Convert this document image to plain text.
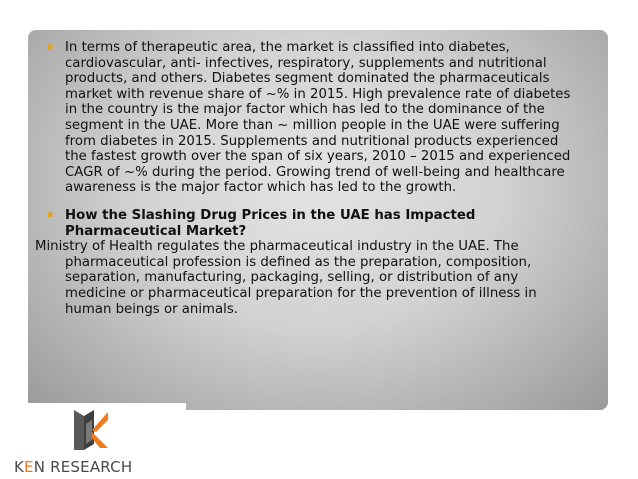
▪ In terms of therapeutic area, the market is classified into diabetes, cardiovascular, anti- infectives, respiratory, supplements and nutritional products, and others. Diabetes segment dominated the pharmaceuticals market with revenue share of ~% in 2015. High prevalence rate of diabetes in the country is the major factor which has led to the dominance of the segment in the UAE. More than ~ million people in the UAE were suffering from diabetes in 2015. Supplements and nutritional products experienced the fastest growth over the span of six years, 2010 – 2015 and experienced CAGR of ~% during the period. Growing trend of well-being and healthcare awareness is the major factor which has led to the growth.
▪ How the Slashing Drug Prices in the UAE has Impacted Pharmaceutical Market?
Ministry of Health regulates the pharmaceutical industry in the UAE. The pharmaceutical profession is defined as the preparation, composition, separation, manufacturing, packaging, selling, or distribution of any medicine or pharmaceutical preparation for the prevention of illness in human beings or animals.
KEN RESEARCH
